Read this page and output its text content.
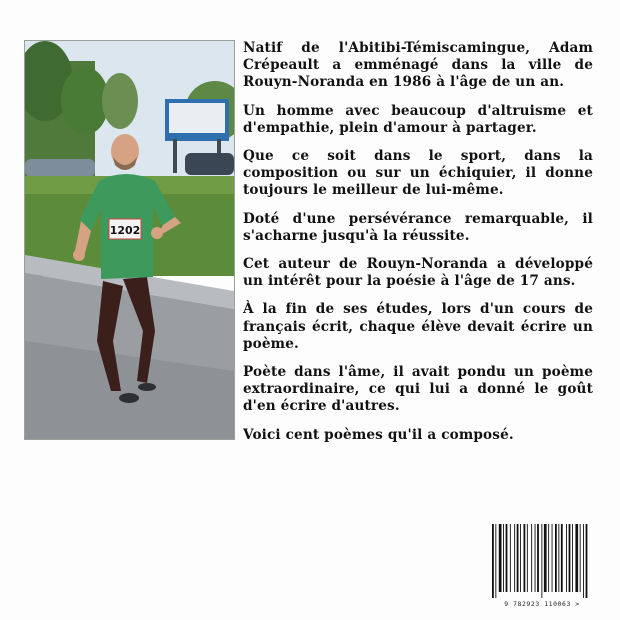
1202

Natif de l'Abitibi-Témiscamingue, Adam Crépeault a emménagé dans la ville de Rouyn-Noranda en 1986 à l'âge de un an.

Un homme avec beaucoup d'altruisme et d'empathie, plein d'amour à partager.

Que ce soit dans le sport, dans la composition ou sur un échiquier, il donne toujours le meilleur de lui-même.

Doté d'une persévérance remarquable, il s'acharne jusqu'à la réussite.

Cet auteur de Rouyn-Noranda a développé un intérêt pour la poésie à l'âge de 17 ans.

À la fin de ses études, lors d'un cours de français écrit, chaque élève devait écrire un poème.

Poète dans l'âme, il avait pondu un poème extraordinaire, ce qui lui a donné le goût d'en écrire d'autres.

Voici cent poèmes qu'il a composé.

9 782923 110063 >
